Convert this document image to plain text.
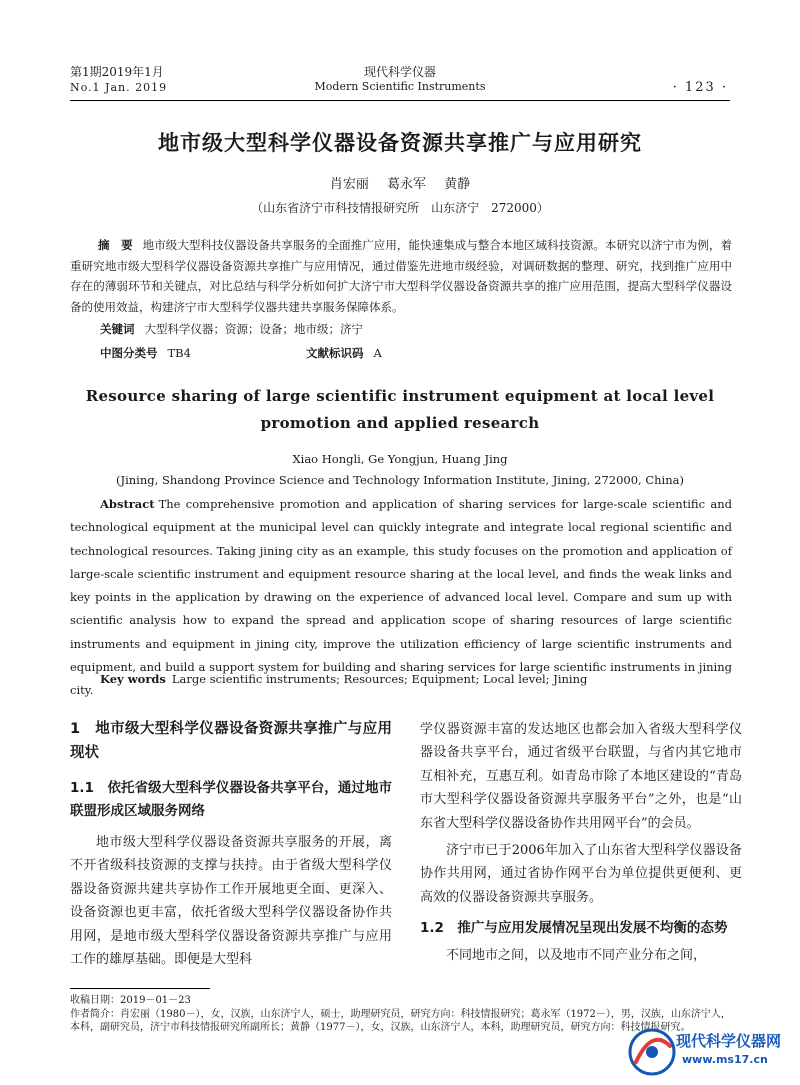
第1期2019年1月
No.1 Jan. 2019
现代科学仪器
Modern Scientific Instruments	· 123 ·
地市级大型科学仪器设备资源共享推广与应用研究
肖宏丽 葛永军 黄静
（山东省济宁市科技情报研究所　山东济宁　272000）
摘　要 地市级大型科技仪器设备共享服务的全面推广应用，能快速集成与整合本地区域科技资源。本研究以济宁市为例，着重研究地市级大型科学仪器设备资源共享推广与应用情况，通过借鉴先进地市级经验，对调研数据的整理、研究，找到推广应用中存在的薄弱环节和关键点，对比总结与科学分析如何扩大济宁市大型科学仪器设备资源共享的推广应用范围，提高大型科学仪器设备的使用效益，构建济宁市大型科学仪器共建共享服务保障体系。
关键词 大型科学仪器；资源；设备；地市级；济宁
中图分类号 TB4	文献标识码 A
Resource sharing of large scientific instrument equipment at local level promotion and applied research
Xiao Hongli, Ge Yongjun, Huang Jing
(Jining, Shandong Province Science and Technology Information Institute, Jining, 272000, China)
Abstract The comprehensive promotion and application of sharing services for large-scale scientific and technological equipment at the municipal level can quickly integrate and integrate local regional scientific and technological resources. Taking jining city as an example, this study focuses on the promotion and application of large-scale scientific instrument and equipment resource sharing at the local level, and finds the weak links and key points in the application by drawing on the experience of advanced local level. Compare and sum up with scientific analysis how to expand the spread and application scope of sharing resources of large scientific instruments and equipment in jining city, improve the utilization efficiency of large scientific instruments and equipment, and build a support system for building and sharing services for large scientific instruments in jining city.
Key words Large scientific instruments; Resources; Equipment; Local level; Jining
1　地市级大型科学仪器设备资源共享推广与应用现状
1.1　依托省级大型科学仪器设备共享平台，通过地市联盟形成区域服务网络

地市级大型科学仪器设备资源共享服务的开展，离不开省级科技资源的支撑与扶持。由于省级大型科学仪器设备资源共建共享协作工作开展地更全面、更深入、设备资源也更丰富，依托省级大型科学仪器设备协作共用网，是地市级大型科学仪器设备资源共享推广与应用工作的雄厚基础。即便是大型科

学仪器资源丰富的发达地区也都会加入省级大型科学仪器设备共享平台，通过省级平台联盟，与省内其它地市互相补充，互惠互利。如青岛市除了本地区建设的“青岛市大型科学仪器设备资源共享服务平台”之外，也是“山东省大型科学仪器设备协作共用网平台”的会员。

济宁市已于2006年加入了山东省大型科学仪器设备协作共用网，通过省协作网平台为单位提供更便利、更高效的仪器设备资源共享服务。

1.2　推广与应用发展情况呈现出发展不均衡的态势

不同地市之间，以及地市不同产业分布之间，

收稿日期：2019－01－23
作者简介：肖宏丽（1980－），女，汉族，山东济宁人，硕士，助理研究员，研究方向：科技情报研究；葛永军（1972－），男，汉族，山东济宁人，本科，副研究员，济宁市科技情报研究所副所长；黄静（1977－），女，汉族，山东济宁人，本科，助理研究员，研究方向：科技情报研究。
现代科学仪器网
www.ms17.cn
